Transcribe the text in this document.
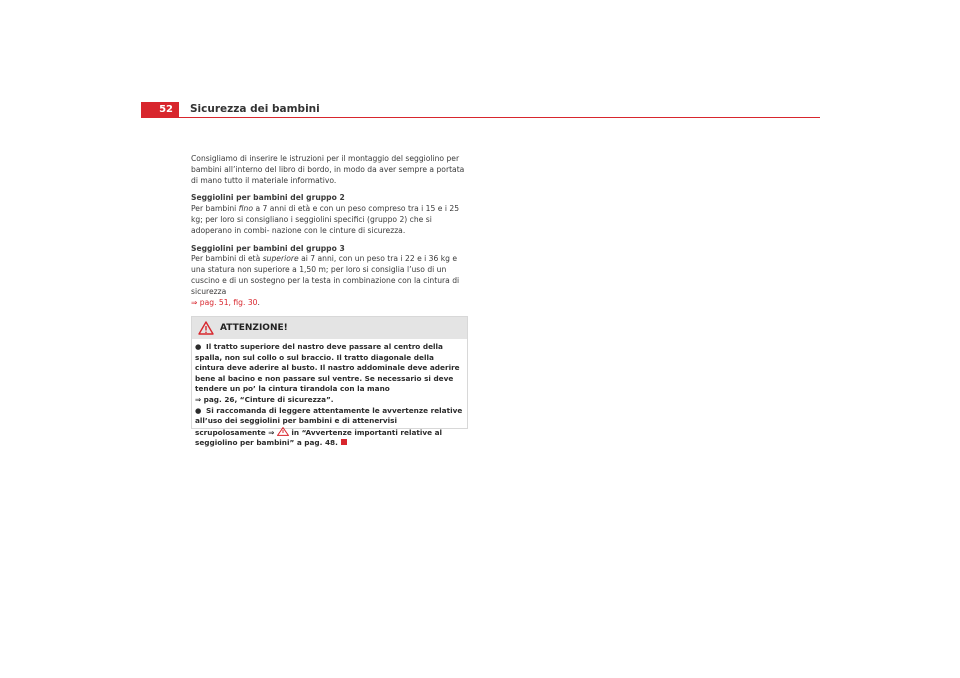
52	Sicurezza dei bambini

Consigliamo di inserire le istruzioni per il montaggio del seggiolino per bambini all’interno del libro di bordo, in modo da aver sempre a portata di mano tutto il materiale informativo.

Seggiolini per bambini del gruppo 2

Per bambini fino a 7 anni di età e con un peso compreso tra i 15 e i 25 kg; per loro si consigliano i seggiolini specifici (gruppo 2) che si adoperano in combi- nazione con le cinture di sicurezza.

Seggiolini per bambini del gruppo 3

Per bambini di età superiore ai 7 anni, con un peso tra i 22 e i 36 kg e una statura non superiore a 1,50 m; per loro si consiglia l’uso di un cuscino e di un sostegno per la testa in combinazione con la cintura di sicurezza
⇒ pag. 51, fig. 30.

ATTENZIONE!

● Il tratto superiore del nastro deve passare al centro della spalla, non sul collo o sul braccio. Il tratto diagonale della cintura deve aderire al busto. Il nastro addominale deve aderire bene al bacino e non passare sul ventre. Se necessario si deve tendere un po’ la cintura tirandola con la mano
⇒ pag. 26, “Cinture di sicurezza”.

● Si raccomanda di leggere attentamente le avvertenze relative all’uso dei seggiolini per bambini e di attenervisi scrupolosamente ⇒ in “Avvertenze importanti relative al seggiolino per bambini” a pag. 48.
